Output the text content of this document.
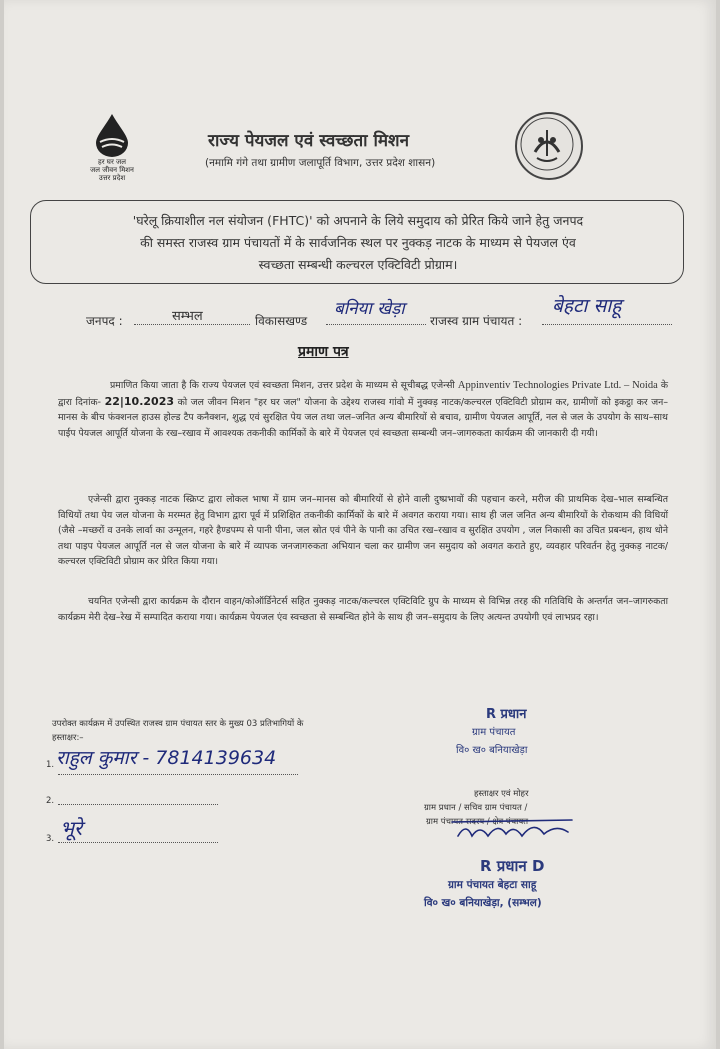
हर घर जल
जल जीवन मिशन
उत्तर प्रदेश
राज्य पेयजल एवं स्वच्छता मिशन
(नमामि गंगे तथा ग्रामीण जलापूर्ति विभाग, उत्तर प्रदेश शासन)
'घरेलू क्रियाशील नल संयोजन (FHTC)' को अपनाने के लिये समुदाय को प्रेरित किये जाने हेतु जनपद
की समस्त राजस्व ग्राम पंचायतों में के सार्वजनिक स्थल पर नुक्कड़ नाटक के माध्यम से पेयजल एंव
स्वच्छता सम्बन्धी कल्चरल एक्टिविटी प्रोग्राम।
जनपद :	सम्भल	विकासखण्ड
बनिया खेड़ा
राजस्व ग्राम पंचायत :
बेहटा साहू
प्रमाण पत्र
प्रमाणित किया जाता है कि राज्य पेयजल एवं स्वच्छता मिशन, उत्तर प्रदेश के माध्यम से सूचीबद्ध एजेन्सी Appinventiv Technologies Private Ltd. – Noida के द्वारा दिनांक- 22|10.2023 को जल जीवन मिशन "हर घर जल" योजना के उद्देश्य राजस्व गांवो में नुक्क्ड़ नाटक/कल्चरल एक्टिविटी प्रोग्राम कर, ग्रामीणों को इकट्ठा कर जन–मानस के बीच फंक्शनल हाउस होल्ड टैप कनैक्शन, शुद्ध एवं सुरक्षित पेय जल तथा जल–जनित अन्य बीमारियों से बचाव, ग्रामीण पेयजल आपूर्ति, नल से जल के उपयोग के साथ–साथ पाईप पेयजल आपूर्ति योजना के रख–रखाव में आवश्यक तकनीकी कार्मिकों के बारे में पेयजल एवं स्वच्छता सम्बन्धी जन–जागरुकता कार्यक्रम की जानकारी दी गयी।
एजेन्सी द्वारा नुक्कड़ नाटक स्क्रिप्ट द्वारा लोकल भाषा में ग्राम जन–मानस को बीमारियों से होने वाली दुष्प्रभावों की पहचान करने, मरीज की प्राथमिक देख–भाल सम्बन्धित विधियों तथा पेय जल योजना के मरम्मत हेतु विभाग द्वारा पूर्व में प्रशिक्षित तकनीकी कार्मिकों के बारे में अवगत कराया गया। साथ ही जल जनित अन्य बीमारियों के रोकथाम की विधियों (जैसे –मच्छरों व उनके लार्वा का उन्मूलन, गहरे हैण्डपम्प से पानी पीना, जल स्रोत एवं पीने के पानी का उचित रख–रखाव व सुरक्षित उपयोग , जल निकासी का उचित प्रबन्धन, हाथ धोने तथा पाइप पेयजल आपूर्ति नल से जल योजना के बारे में व्यापक जनजागरुकता अभियान चला कर ग्रामीण जन समुदाय को अवगत कराते हुए, व्यवहार परिवर्तन हेतु नुक्कड़ नाटक/कल्चरल एक्टिविटी प्रोग्राम कर प्रेरित किया गया।
चयनित एजेन्सी द्वारा कार्यक्रम के दौरान वाहन/कोऑर्डिनेटर्स सहित नुक्कड़ नाटक/कल्चरल एक्टिविटि ग्रुप के माध्यम से विभिन्न तरह की गतिविधि के अन्तर्गत जन–जागरुकता कार्यक्रम मेरी देख–रेख में सम्पादित कराया गया। कार्यक्रम पेयजल एंव स्वच्छता से सम्बन्धित होने के साथ ही जन–समुदाय के लिए अत्यन्त उपयोगी एवं लाभप्रद रहा।
R प्रधान
ग्राम पंचायत
वि० ख० बनियाखेड़ा
उपरोक्त कार्यक्रम में उपस्थित राजस्व ग्राम पंचायत स्तर के मुख्य 03 प्रतिभागियों के
हस्ताक्षर:–
1. राहुल कुमार - 7814139634
2.
3. भूरे
हस्ताक्षर एवं मोहर
ग्राम प्रधान / सचिव ग्राम पंचायत /
ग्राम पंचायत सदस्य / क्षेत्र पंचायत
R प्रधान D
ग्राम पंचायत बेहटा साहू
वि० ख० बनियाखेड़ा, (सम्भल)
